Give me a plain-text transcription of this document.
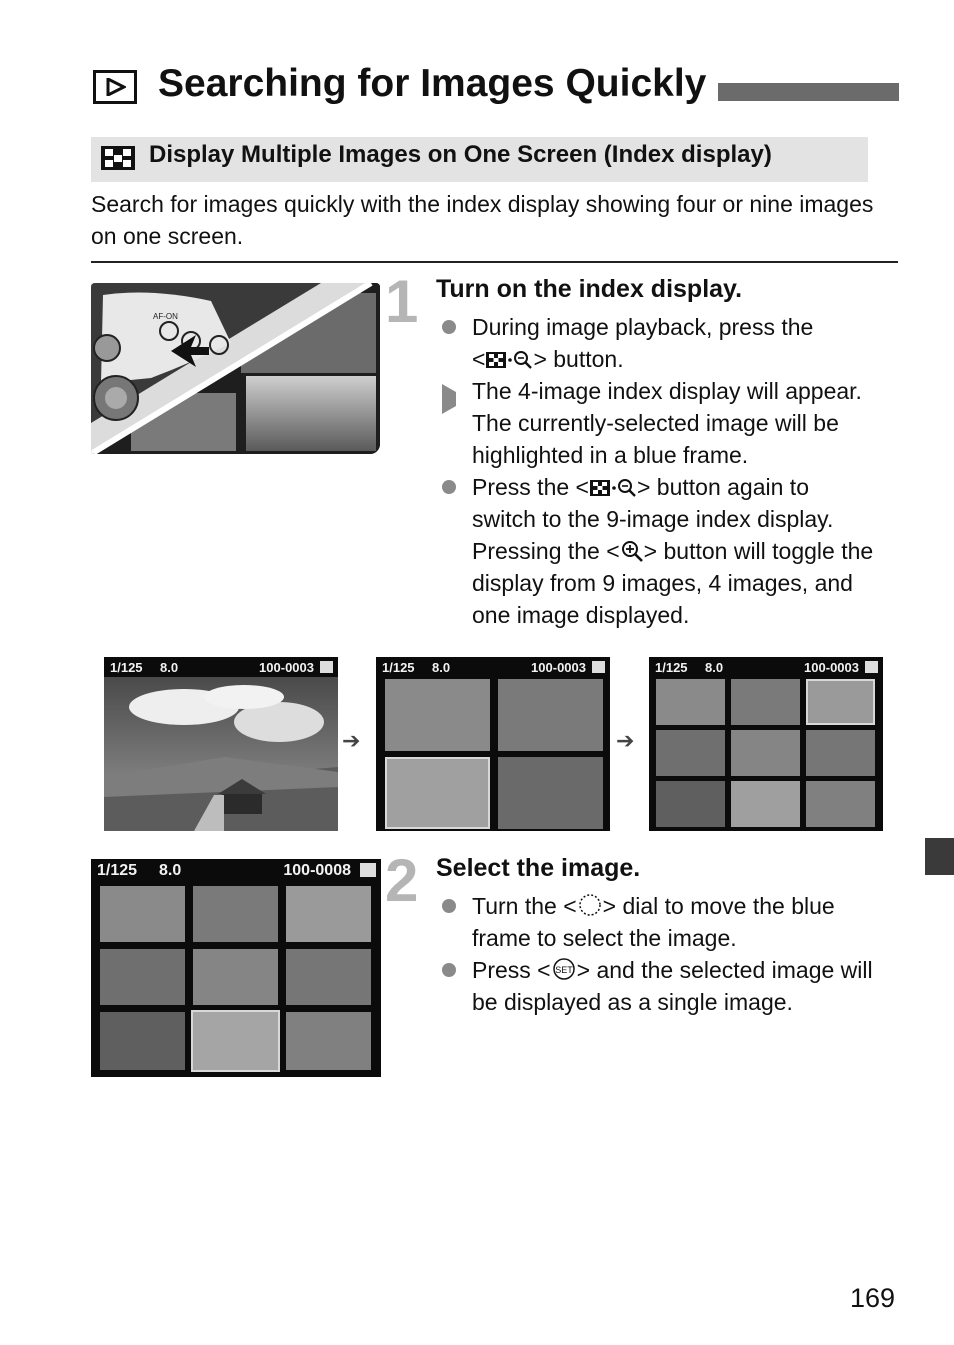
Searching for Images Quickly
Display Multiple Images on One Screen (Index display)
Search for images quickly with the index display showing four or nine images on one screen.
AF-ON	1 Turn on the index display.
During image playback, press the
< > button.
The 4-image index display will appear. The currently-selected image will be highlighted in a blue frame.
Press the < > button again to switch to the 9-image index display. Pressing the < > button will toggle the display from 9 images, 4 images, and one image displayed.
1/125 8.0	100-0003
➔
1/125 8.0	100-0003
➔
1/125 8.0	100-0003
1/125 8.0	100-0008 2 Select the image.
Turn the < > dial to move the blue frame to select the image.
Press < SET > and the selected image will be displayed as a single image.
169
